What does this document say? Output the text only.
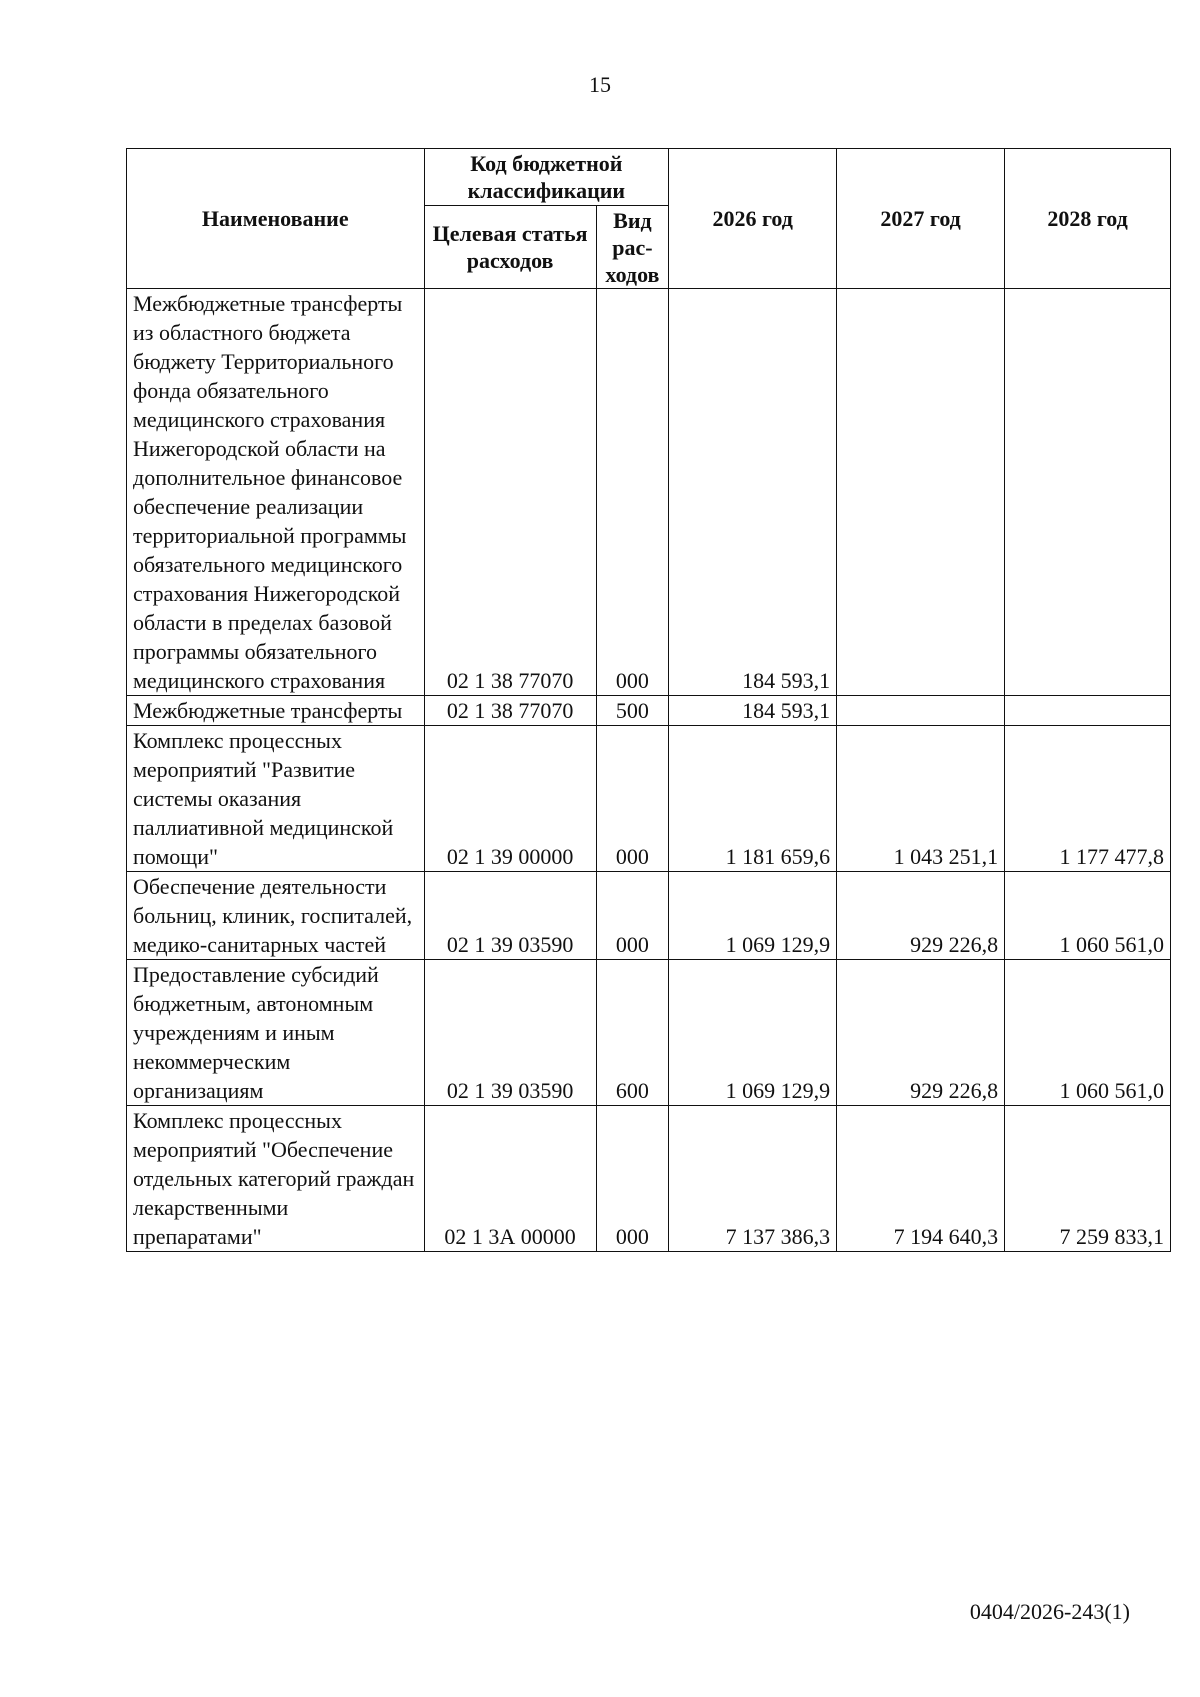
15
Наименование	Код бюджетной классификации		2026 год	2027 год	2028 год
	Целевая статья расходов	Вид рас-ходов			
Межбюджетные трансферты из областного бюджета бюджету Территориального фонда обязательного медицинского страхования Нижегородской области на дополнительное финансовое обеспечение реализации территориальной программы обязательного медицинского страхования Нижегородской области в пределах базовой программы обязательного медицинского страхования	02 1 38 77070	000	184 593,1		
Межбюджетные трансферты	02 1 38 77070	500	184 593,1		
Комплекс процессных мероприятий "Развитие системы оказания паллиативной медицинской помощи"	02 1 39 00000	000	1 181 659,6	1 043 251,1	1 177 477,8
Обеспечение деятельности больниц, клиник, госпиталей, медико-санитарных частей	02 1 39 03590	000	1 069 129,9	929 226,8	1 060 561,0
Предоставление субсидий бюджетным, автономным учреждениям и иным некоммерческим организациям	02 1 39 03590	600	1 069 129,9	929 226,8	1 060 561,0
Комплекс процессных мероприятий "Обеспечение отдельных категорий граждан лекарственными препаратами"	02 1 3А 00000	000	7 137 386,3	7 194 640,3	7 259 833,1
0404/2026-243(1)
